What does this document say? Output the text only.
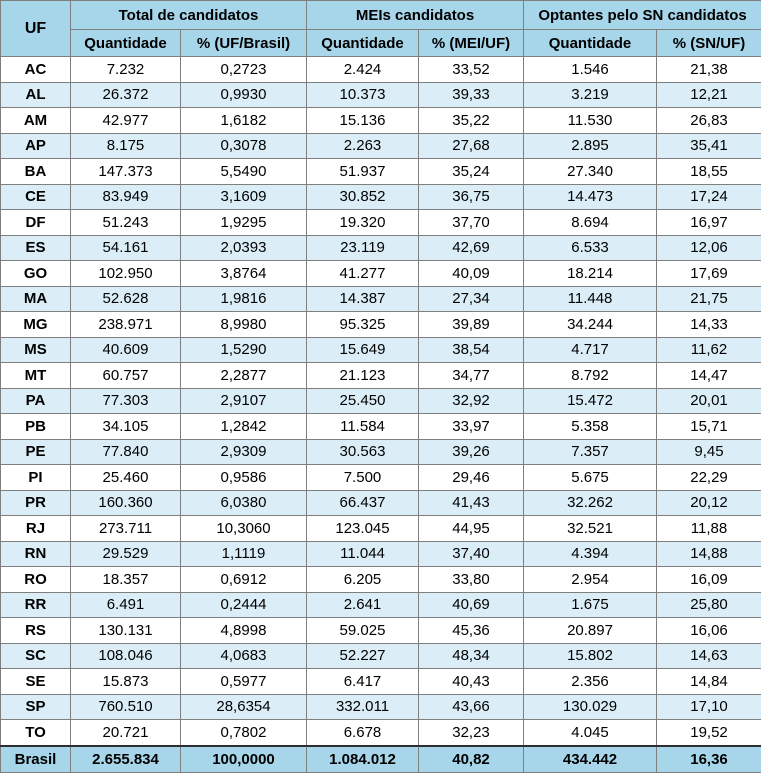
UF	Total de candidatos		MEIs candidatos		Optantes pelo SN candidatos	
	Quantidade	% (UF/Brasil)	Quantidade	% (MEI/UF)	Quantidade	% (SN/UF)
AC	7.232	0,2723	2.424	33,52	1.546	21,38
AL	26.372	0,9930	10.373	39,33	3.219	12,21
AM	42.977	1,6182	15.136	35,22	11.530	26,83
AP	8.175	0,3078	2.263	27,68	2.895	35,41
BA	147.373	5,5490	51.937	35,24	27.340	18,55
CE	83.949	3,1609	30.852	36,75	14.473	17,24
DF	51.243	1,9295	19.320	37,70	8.694	16,97
ES	54.161	2,0393	23.119	42,69	6.533	12,06
GO	102.950	3,8764	41.277	40,09	18.214	17,69
MA	52.628	1,9816	14.387	27,34	11.448	21,75
MG	238.971	8,9980	95.325	39,89	34.244	14,33
MS	40.609	1,5290	15.649	38,54	4.717	11,62
MT	60.757	2,2877	21.123	34,77	8.792	14,47
PA	77.303	2,9107	25.450	32,92	15.472	20,01
PB	34.105	1,2842	11.584	33,97	5.358	15,71
PE	77.840	2,9309	30.563	39,26	7.357	9,45
PI	25.460	0,9586	7.500	29,46	5.675	22,29
PR	160.360	6,0380	66.437	41,43	32.262	20,12
RJ	273.711	10,3060	123.045	44,95	32.521	11,88
RN	29.529	1,1119	11.044	37,40	4.394	14,88
RO	18.357	0,6912	6.205	33,80	2.954	16,09
RR	6.491	0,2444	2.641	40,69	1.675	25,80
RS	130.131	4,8998	59.025	45,36	20.897	16,06
SC	108.046	4,0683	52.227	48,34	15.802	14,63
SE	15.873	0,5977	6.417	40,43	2.356	14,84
SP	760.510	28,6354	332.011	43,66	130.029	17,10
TO	20.721	0,7802	6.678	32,23	4.045	19,52
Brasil	2.655.834	100,0000	1.084.012	40,82	434.442	16,36
